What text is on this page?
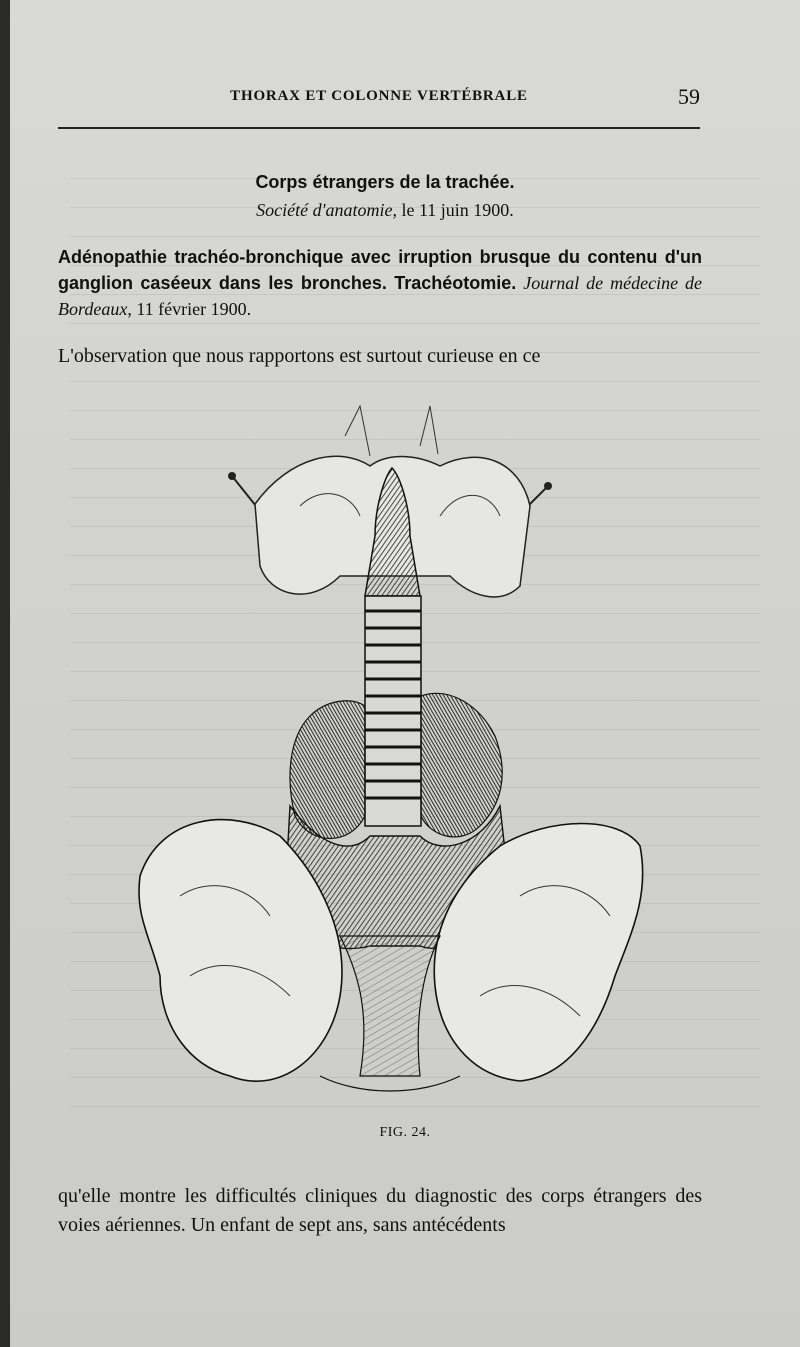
THORAX ET COLONNE VERTÉBRALE	59
Corps étrangers de la trachée.
Société d'anatomie, le 11 juin 1900.
Adénopathie trachéo-bronchique avec irruption brusque du contenu d'un ganglion caséeux dans les bronches. Trachéotomie. Journal de médecine de Bordeaux, 11 février 1900.
L'observation que nous rapportons est surtout curieuse en ce
FIG. 24.
qu'elle montre les difficultés cliniques du diagnostic des corps étrangers des voies aériennes. Un enfant de sept ans, sans antécédents
